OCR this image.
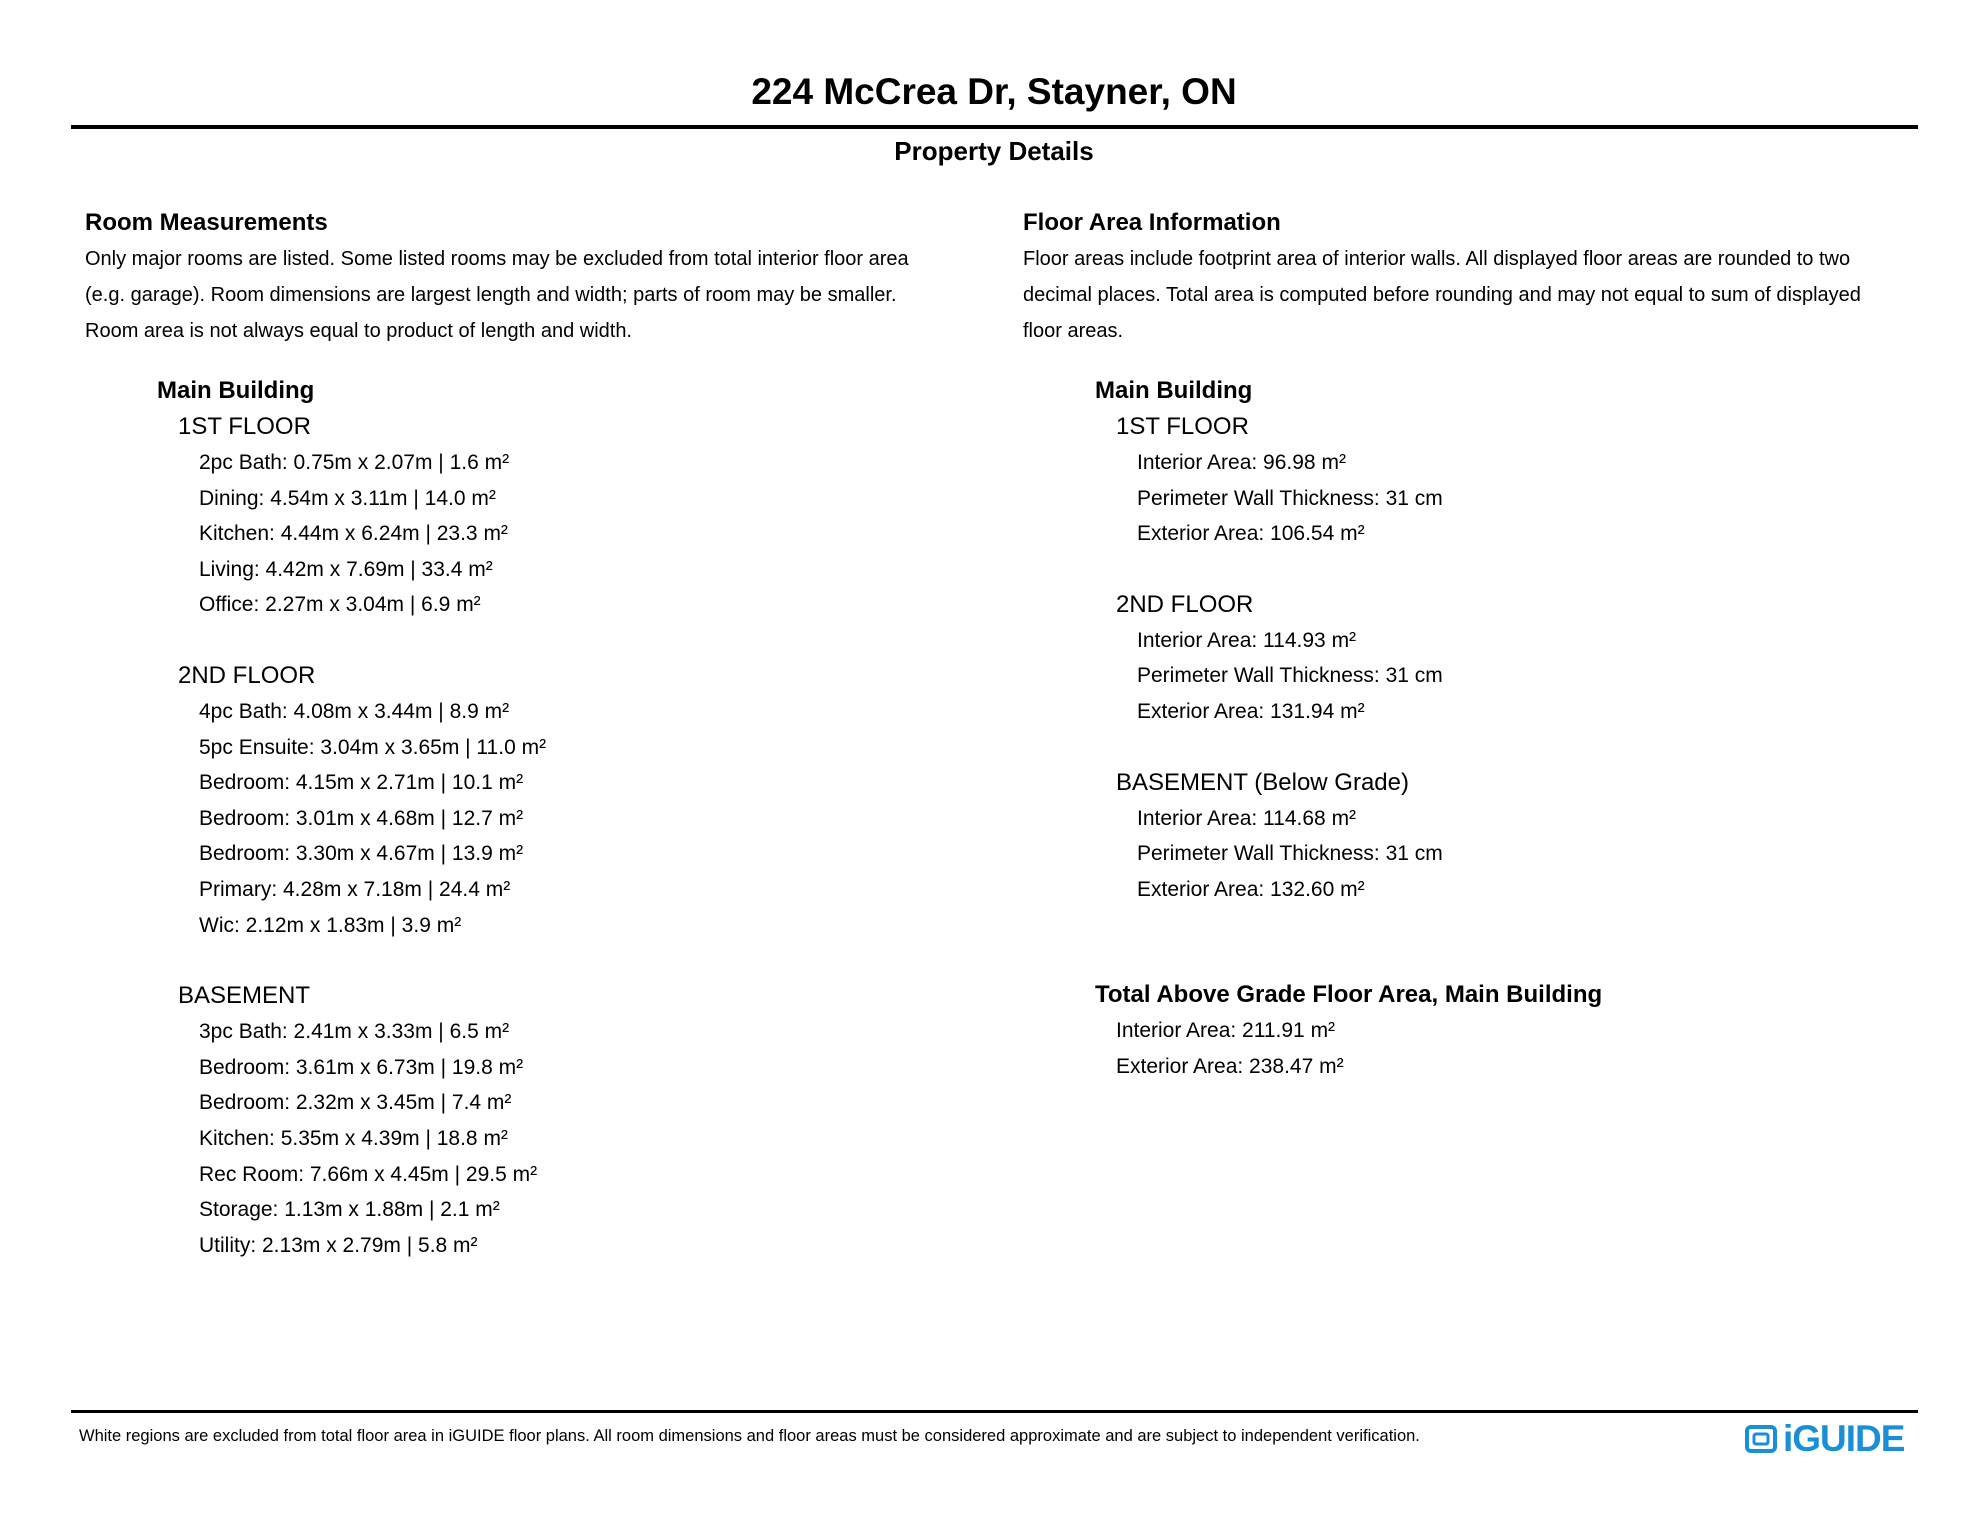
224 McCrea Dr, Stayner, ON
Property Details

Room Measurements

Only major rooms are listed. Some listed rooms may be excluded from total interior floor area

(e.g. garage). Room dimensions are largest length and width; parts of room may be smaller.

Room area is not always equal to product of length and width.

Main Building

1ST FLOOR

2pc Bath: 0.75m x 2.07m | 1.6 m²

Dining: 4.54m x 3.11m | 14.0 m²

Kitchen: 4.44m x 6.24m | 23.3 m²

Living: 4.42m x 7.69m | 33.4 m²

Office: 2.27m x 3.04m | 6.9 m²

2ND FLOOR

4pc Bath: 4.08m x 3.44m | 8.9 m²

5pc Ensuite: 3.04m x 3.65m | 11.0 m²

Bedroom: 4.15m x 2.71m | 10.1 m²

Bedroom: 3.01m x 4.68m | 12.7 m²

Bedroom: 3.30m x 4.67m | 13.9 m²

Primary: 4.28m x 7.18m | 24.4 m²

Wic: 2.12m x 1.83m | 3.9 m²

BASEMENT

3pc Bath: 2.41m x 3.33m | 6.5 m²

Bedroom: 3.61m x 6.73m | 19.8 m²

Bedroom: 2.32m x 3.45m | 7.4 m²

Kitchen: 5.35m x 4.39m | 18.8 m²

Rec Room: 7.66m x 4.45m | 29.5 m²

Storage: 1.13m x 1.88m | 2.1 m²

Utility: 2.13m x 2.79m | 5.8 m²

Floor Area Information

Floor areas include footprint area of interior walls. All displayed floor areas are rounded to two

decimal places. Total area is computed before rounding and may not equal to sum of displayed

floor areas.

Main Building

1ST FLOOR

Interior Area: 96.98 m²

Perimeter Wall Thickness: 31 cm

Exterior Area: 106.54 m²

2ND FLOOR

Interior Area: 114.93 m²

Perimeter Wall Thickness: 31 cm

Exterior Area: 131.94 m²

BASEMENT (Below Grade)

Interior Area: 114.68 m²

Perimeter Wall Thickness: 31 cm

Exterior Area: 132.60 m²

Total Above Grade Floor Area, Main Building

Interior Area: 211.91 m²

Exterior Area: 238.47 m²

White regions are excluded from total floor area in iGUIDE floor plans. All room dimensions and floor areas must be considered approximate and are subject to independent verification.	iGUIDE
